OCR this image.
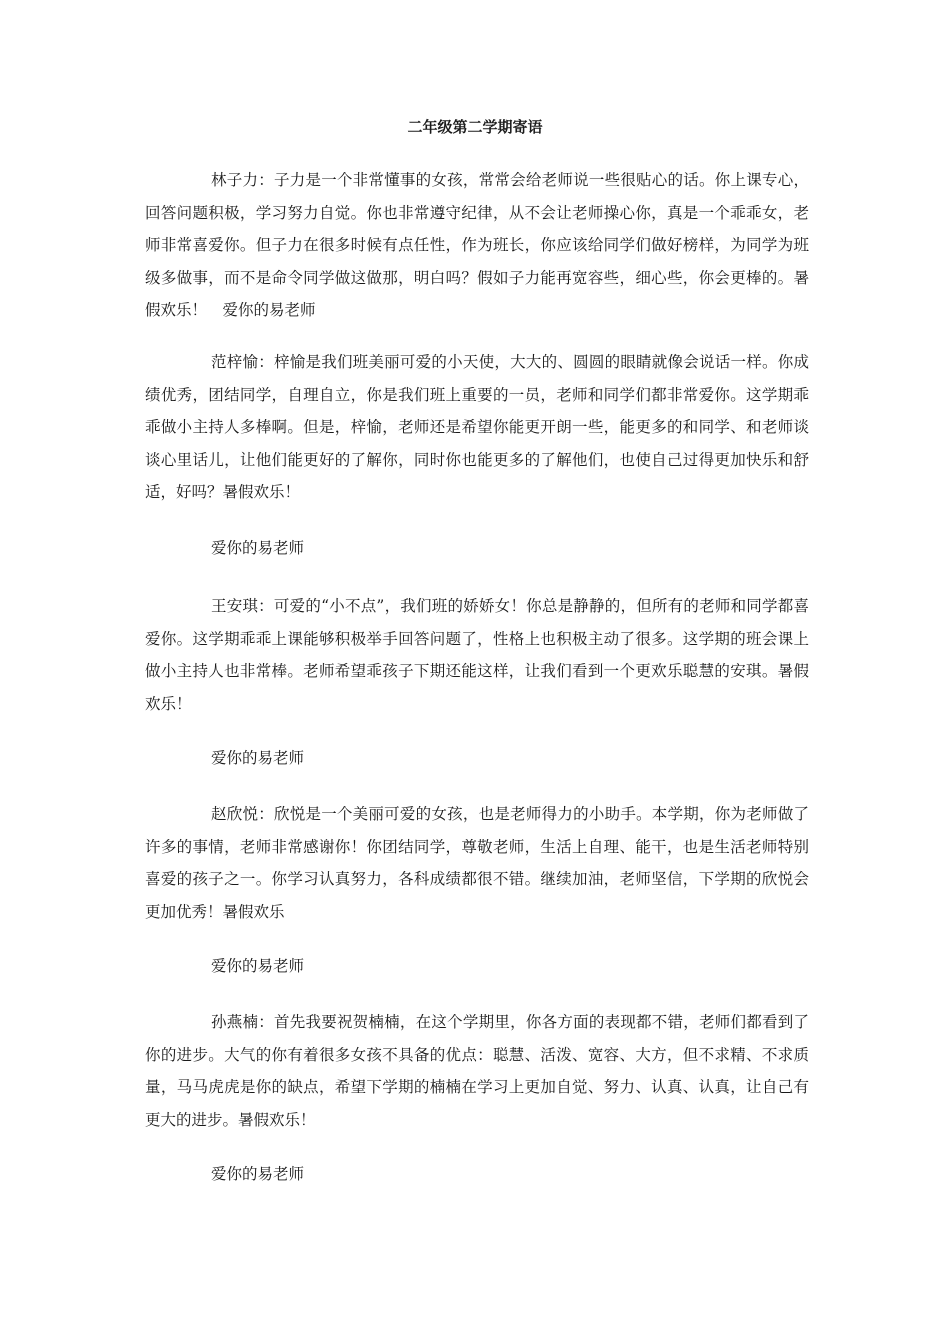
二年级第二学期寄语

林子力：子力是一个非常懂事的女孩，常常会给老师说一些很贴心的话。你上课专心，回答问题积极，学习努力自觉。你也非常遵守纪律，从不会让老师操心你，真是一个乖乖女，老师非常喜爱你。但子力在很多时候有点任性，作为班长，你应该给同学们做好榜样，为同学为班级多做事，而不是命令同学做这做那，明白吗？假如子力能再宽容些，细心些，你会更棒的。暑假欢乐！　爱你的易老师

范梓愉：梓愉是我们班美丽可爱的小天使，大大的、圆圆的眼睛就像会说话一样。你成绩优秀，团结同学，自理自立，你是我们班上重要的一员，老师和同学们都非常爱你。这学期乖乖做小主持人多棒啊。但是，梓愉，老师还是希望你能更开朗一些，能更多的和同学、和老师谈谈心里话儿，让他们能更好的了解你，同时你也能更多的了解他们，也使自己过得更加快乐和舒适，好吗？暑假欢乐！

爱你的易老师

王安琪：可爱的“小不点”，我们班的娇娇女！你总是静静的，但所有的老师和同学都喜爱你。这学期乖乖上课能够积极举手回答问题了，性格上也积极主动了很多。这学期的班会课上做小主持人也非常棒。老师希望乖孩子下期还能这样，让我们看到一个更欢乐聪慧的安琪。暑假欢乐！

爱你的易老师

赵欣悦：欣悦是一个美丽可爱的女孩，也是老师得力的小助手。本学期，你为老师做了许多的事情，老师非常感谢你！你团结同学，尊敬老师，生活上自理、能干，也是生活老师特别喜爱的孩子之一。你学习认真努力，各科成绩都很不错。继续加油，老师坚信，下学期的欣悦会更加优秀！暑假欢乐

爱你的易老师

孙燕楠：首先我要祝贺楠楠，在这个学期里，你各方面的表现都不错，老师们都看到了你的进步。大气的你有着很多女孩不具备的优点：聪慧、活泼、宽容、大方，但不求精、不求质量，马马虎虎是你的缺点，希望下学期的楠楠在学习上更加自觉、努力、认真、认真，让自己有更大的进步。暑假欢乐！

爱你的易老师
